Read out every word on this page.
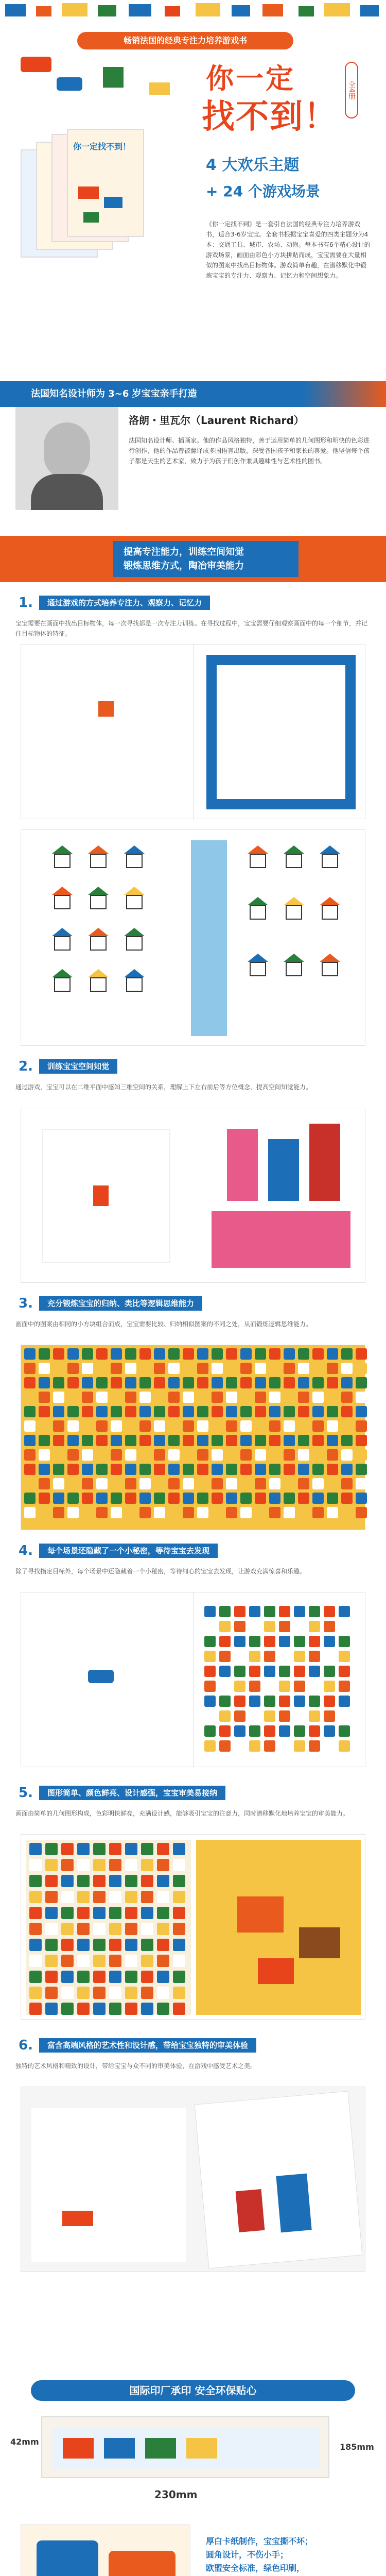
畅销法国的经典专注力培养游戏书
你一定
找不到！
全4册
你一定找不到！
4 大欢乐主题
+ 24 个游戏场景
《你一定找不到》是一套引自法国的经典专注力培养游戏书，适合3-6岁宝宝。全套书根据宝宝喜爱的四类主题分为4本：交通工具、城市、农场、动物。每本书有6个精心设计的游戏场景，画面由彩色小方块拼贴而成，宝宝需要在大量相似的图案中找出目标物体。游戏简单有趣，在潜移默化中锻炼宝宝的专注力、观察力、记忆力和空间想象力。
法国知名设计师为 3~6 岁宝宝亲手打造
洛朗・里瓦尔（Laurent Richard）
法国知名设计师、插画家。他的作品风格独特，善于运用简单的几何图形和明快的色彩进行创作，他的作品曾被翻译成多国语言出版，深受各国孩子和家长的喜爱。他坚信每个孩子都是天生的艺术家，致力于为孩子们创作兼具趣味性与艺术性的图书。
提高专注能力，训练空间知觉
锻炼思维方式，陶冶审美能力
1.	通过游戏的方式培养专注力、观察力、记忆力
宝宝需要在画面中找出目标物体，每一次寻找都是一次专注力训练。在寻找过程中，宝宝需要仔细观察画面中的每一个细节，并记住目标物体的特征。
2.	训练宝宝空间知觉
通过游戏，宝宝可以在二维平面中感知三维空间的关系，理解上下左右前后等方位概念，提高空间知觉能力。
3.	充分锻炼宝宝的归纳、类比等逻辑思维能力
画面中的图案由相同的小方块组合而成，宝宝需要比较、归纳相似图案的不同之处，从而锻炼逻辑思维能力。
4.	每个场景还隐藏了一个小秘密，等待宝宝去发现
除了寻找指定目标外，每个场景中还隐藏着一个小秘密，等待细心的宝宝去发现，让游戏充满惊喜和乐趣。
5.	图形简单、颜色鲜亮、设计感强，宝宝审美易接纳
画面由简单的几何图形构成，色彩明快鲜亮，充满设计感，能够吸引宝宝的注意力，同时潜移默化地培养宝宝的审美能力。
6.	富含高端风格的艺术性和设计感，带给宝宝独特的审美体验
独特的艺术风格和精致的设计，带给宝宝与众不同的审美体验，在游戏中感受艺术之美。
国际印厂承印 安全环保贴心
42mm
230mm
185mm
厚白卡纸制作，宝宝撕不坏；
圆角设计，不伤小手；
欧盟安全标准，绿色印刷，
